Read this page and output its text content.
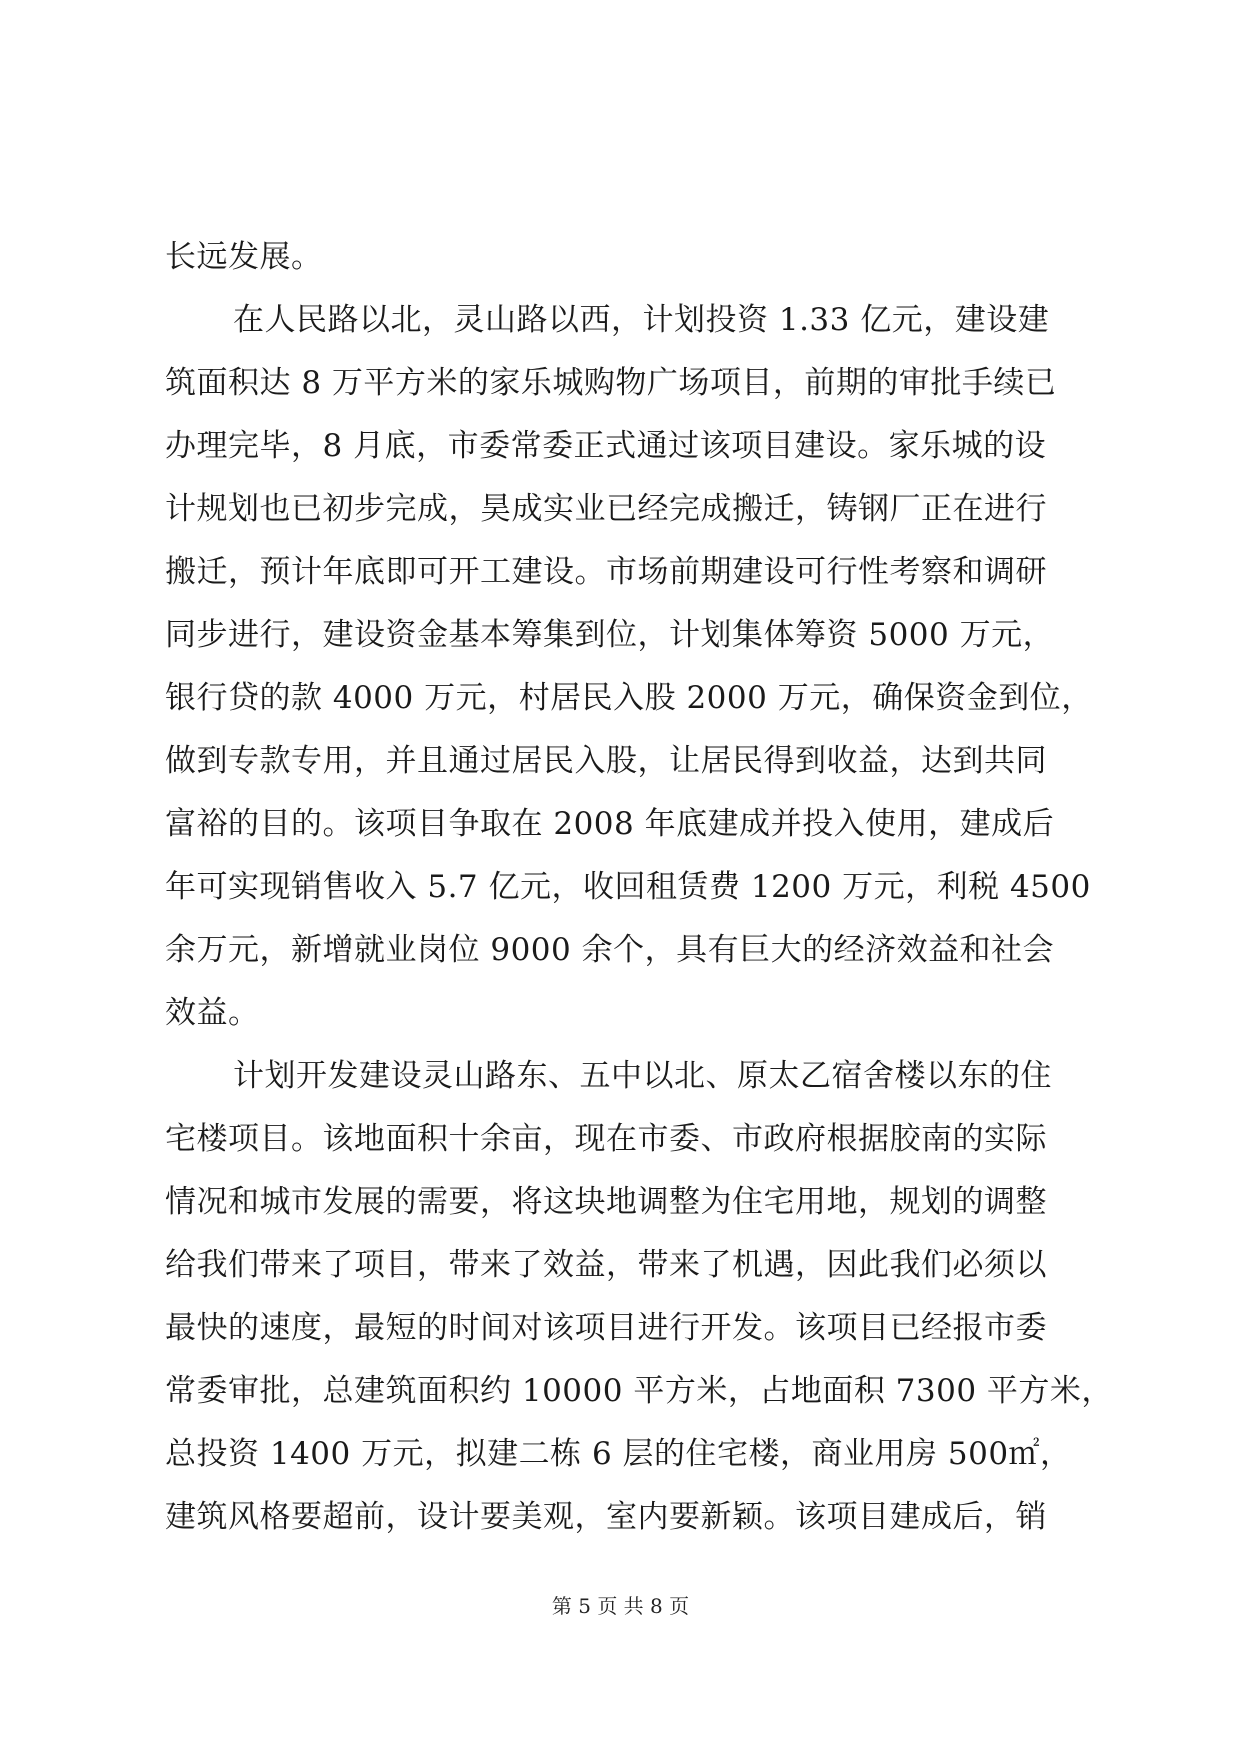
长远发展。
在人民路以北，灵山路以西，计划投资 1.33 亿元，建设建
筑面积达 8 万平方米的家乐城购物广场项目，前期的审批手续已
办理完毕，8 月底，市委常委正式通过该项目建设。家乐城的设
计规划也已初步完成，昊成实业已经完成搬迁，铸钢厂正在进行
搬迁，预计年底即可开工建设。市场前期建设可行性考察和调研
同步进行，建设资金基本筹集到位，计划集体筹资 5000 万元，
银行贷的款 4000 万元，村居民入股 2000 万元，确保资金到位，
做到专款专用，并且通过居民入股，让居民得到收益，达到共同
富裕的目的。该项目争取在 2008 年底建成并投入使用，建成后
年可实现销售收入 5.7 亿元，收回租赁费 1200 万元，利税 4500
余万元，新增就业岗位 9000 余个，具有巨大的经济效益和社会
效益。
计划开发建设灵山路东、五中以北、原太乙宿舍楼以东的住
宅楼项目。该地面积十余亩，现在市委、市政府根据胶南的实际
情况和城市发展的需要，将这块地调整为住宅用地，规划的调整
给我们带来了项目，带来了效益，带来了机遇，因此我们必须以
最快的速度，最短的时间对该项目进行开发。该项目已经报市委
常委审批，总建筑面积约 10000 平方米，占地面积 7300 平方米，
总投资 1400 万元，拟建二栋 6 层的住宅楼，商业用房 500㎡，
建筑风格要超前，设计要美观，室内要新颖。该项目建成后，销
第 5 页 共 8 页
